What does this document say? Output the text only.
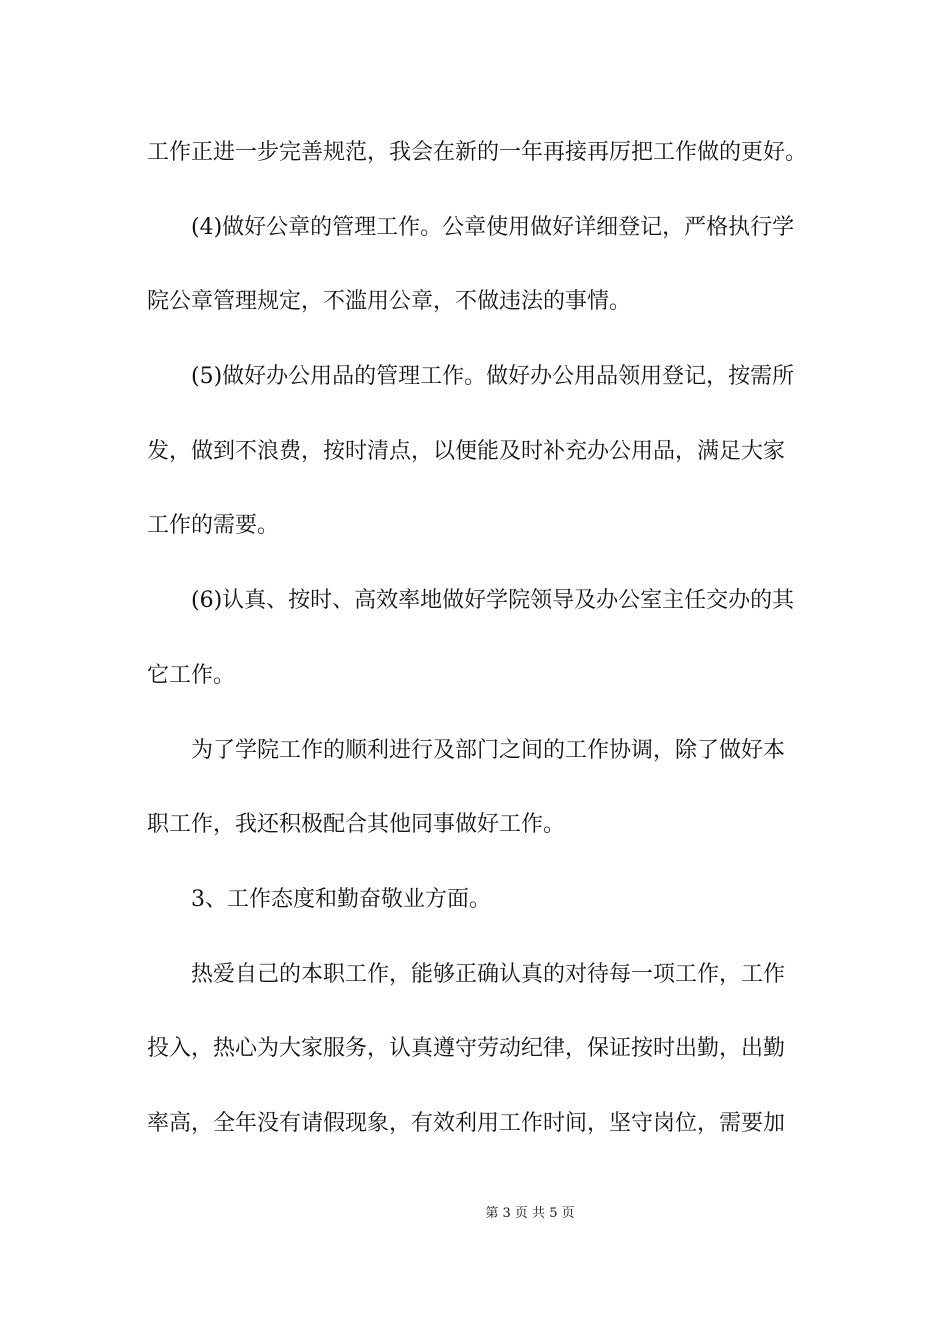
工作正进一步完善规范，我会在新的一年再接再厉把工作做的更好。
(4)做好公章的管理工作。公章使用做好详细登记，严格执行学
院公章管理规定，不滥用公章，不做违法的事情。
(5)做好办公用品的管理工作。做好办公用品领用登记，按需所
发，做到不浪费，按时清点，以便能及时补充办公用品，满足大家
工作的需要。
(6)认真、按时、高效率地做好学院领导及办公室主任交办的其
它工作。
为了学院工作的顺利进行及部门之间的工作协调，除了做好本
职工作，我还积极配合其他同事做好工作。
3、工作态度和勤奋敬业方面。
热爱自己的本职工作，能够正确认真的对待每一项工作，工作
投入，热心为大家服务，认真遵守劳动纪律，保证按时出勤，出勤
率高，全年没有请假现象，有效利用工作时间，坚守岗位，需要加
第 3 页 共 5 页
